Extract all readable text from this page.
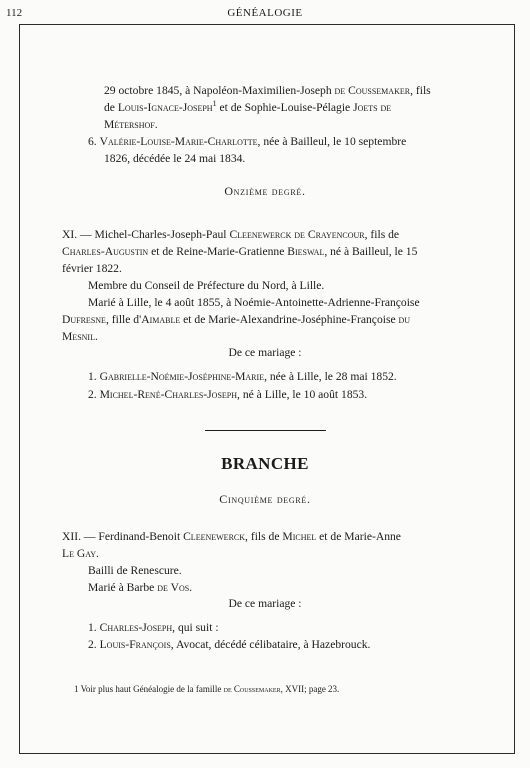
112	GÉNÉALOGIE
29 octobre 1845, à Napoléon-Maximilien-Joseph de Coussemaker, fils
de Louis-Ignace-Joseph$^1$ et de Sophie-Louise-Pélagie Joets de
Métershof.
6. Valérie-Louise-Marie-Charlotte, née à Bailleul, le 10 septembre
1826, décédée le 24 mai 1834.
Onzième degré.
XI. — Michel-Charles-Joseph-Paul Cleenewerck de Crayencour, fils de
Charles-Augustin et de Reine-Marie-Gratienne Bieswal, né à Bailleul, le 15
février 1822.
Membre du Conseil de Préfecture du Nord, à Lille.
Marié à Lille, le 4 août 1855, à Noémie-Antoinette-Adrienne-Françoise
Dufresne, fille d'Aimable et de Marie-Alexandrine-Joséphine-Françoise du
Mesnil.
De ce mariage :
1. Gabrielle-Noémie-Joséphine-Marie, née à Lille, le 28 mai 1852.
2. Michel-René-Charles-Joseph, né à Lille, le 10 août 1853.
BRANCHE
Cinquième degré.
XII. — Ferdinand-Benoit Cleenewerck, fils de Michel et de Marie-Anne
Le Gay.
Bailli de Renescure.
Marié à Barbe de Vos.
De ce mariage :
1. Charles-Joseph, qui suit :
2. Louis-François, Avocat, décédé célibataire, à Hazebrouck.
1 Voir plus haut Généalogie de la famille de Coussemaker, XVII; page 23.
